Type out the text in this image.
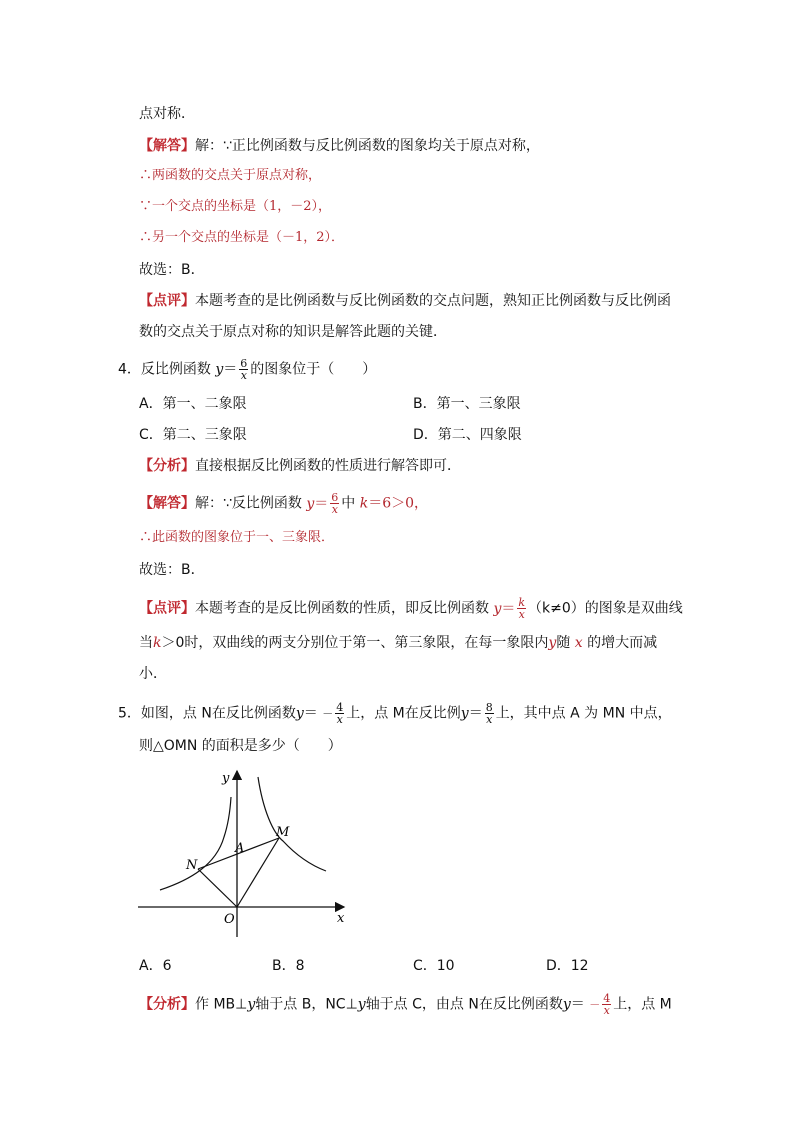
点对称．
【解答】解：∵正比例函数与反比例函数的图象均关于原点对称，
∴两函数的交点关于原点对称，
∵一个交点的坐标是（1，－2），
∴另一个交点的坐标是（－1，2）．
故选：B．
【点评】本题考查的是比例函数与反比例函数的交点问题，熟知正比例函数与反比例函
数的交点关于原点对称的知识是解答此题的关键．
4．反比例函数 $y= \frac{6}{x}$ 的图象位于（　　）
A．第一、二象限	B．第一、三象限
C．第二、三象限	D．第二、四象限
【分析】直接根据反比例函数的性质进行解答即可．
【解答】解：∵反比例函数 $y= \frac{6}{x}$ 中 k＝6＞0，
∴此函数的图象位于一、三象限．
故选：B．
【点评】本题考查的是反比例函数的性质，即反比例函数 $y= \frac{k}{x} (k\ne 0)$的图象是双曲线
当k＞0时，双曲线的两支分别位于第一、第三象限，在每一象限内y随 x 的增大而减
小．
5．如图，点 N在反比例函数$y= - \frac{4}{x}$ 上，点 M在反比例$y= \frac{8}{x}$ 上，其中点 A 为 MN 中点，
则△OMN 的面积是多少（　　）
y
x
O
M
N
A
A．6	B．8	C．10	D．12
【分析】作 MB⊥y轴于点 B，NC⊥y轴于点 C，由点 N在反比例函数$y= - \frac{4}{x}$ 上，点 M
